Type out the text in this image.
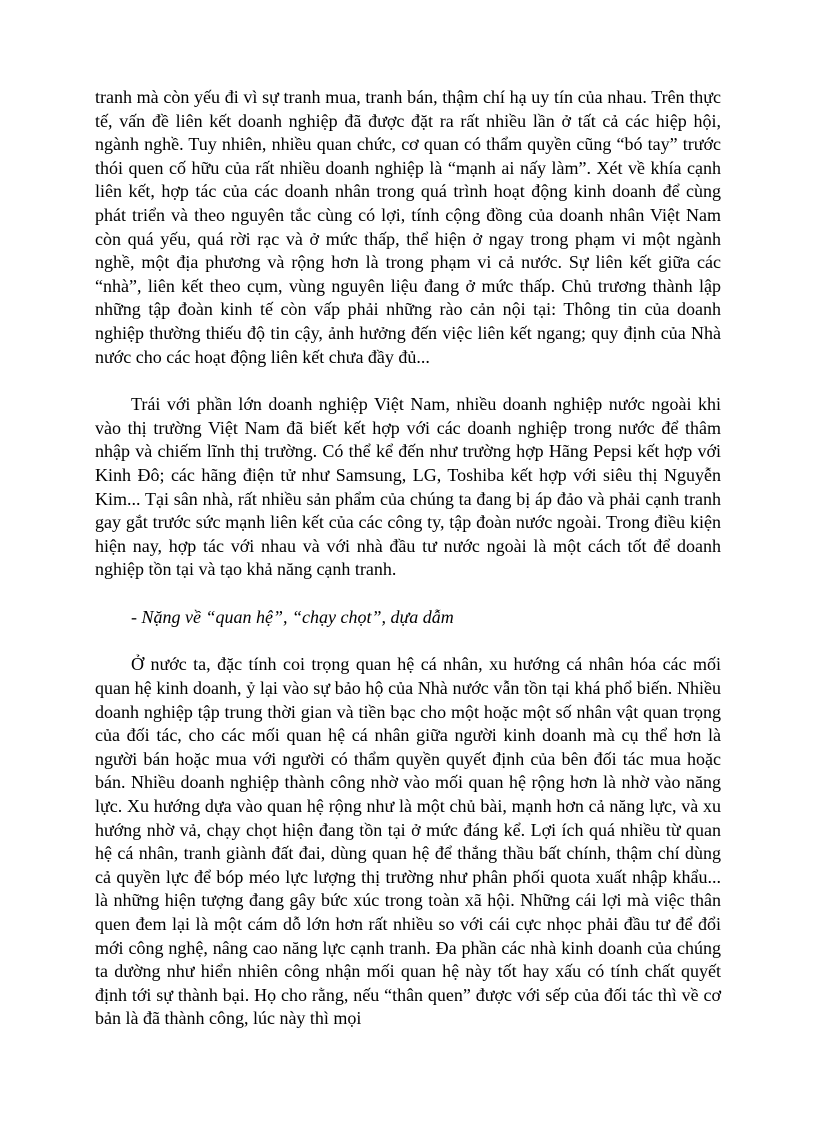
tranh mà còn yếu đi vì sự tranh mua, tranh bán, thậm chí hạ uy tín của nhau. Trên thực tế, vấn đề liên kết doanh nghiệp đã được đặt ra rất nhiều lần ở tất cả các hiệp hội, ngành nghề. Tuy nhiên, nhiều quan chức, cơ quan có thẩm quyền cũng “bó tay” trước thói quen cố hữu của rất nhiều doanh nghiệp là “mạnh ai nấy làm”. Xét về khía cạnh liên kết, hợp tác của các doanh nhân trong quá trình hoạt động kinh doanh để cùng phát triển và theo nguyên tắc cùng có lợi, tính cộng đồng của doanh nhân Việt Nam còn quá yếu, quá rời rạc và ở mức thấp, thể hiện ở ngay trong phạm vi một ngành nghề, một địa phương và rộng hơn là trong phạm vi cả nước. Sự liên kết giữa các “nhà”, liên kết theo cụm, vùng nguyên liệu đang ở mức thấp. Chủ trương thành lập những tập đoàn kinh tế còn vấp phải những rào cản nội tại: Thông tin của doanh nghiệp thường thiếu độ tin cậy, ảnh hưởng đến việc liên kết ngang; quy định của Nhà nước cho các hoạt động liên kết chưa đầy đủ...

Trái với phần lớn doanh nghiệp Việt Nam, nhiều doanh nghiệp nước ngoài khi vào thị trường Việt Nam đã biết kết hợp với các doanh nghiệp trong nước để thâm nhập và chiếm lĩnh thị trường. Có thể kể đến như trường hợp Hãng Pepsi kết hợp với Kinh Đô; các hãng điện tử như Samsung, LG, Toshiba kết hợp với siêu thị Nguyễn Kim... Tại sân nhà, rất nhiều sản phẩm của chúng ta đang bị áp đảo và phải cạnh tranh gay gắt trước sức mạnh liên kết của các công ty, tập đoàn nước ngoài. Trong điều kiện hiện nay, hợp tác với nhau và với nhà đầu tư nước ngoài là một cách tốt để doanh nghiệp tồn tại và tạo khả năng cạnh tranh.

- Nặng về “quan hệ”, “chạy chọt”, dựa dẫm

Ở nước ta, đặc tính coi trọng quan hệ cá nhân, xu hướng cá nhân hóa các mối quan hệ kinh doanh, ỷ lại vào sự bảo hộ của Nhà nước vẫn tồn tại khá phổ biến. Nhiều doanh nghiệp tập trung thời gian và tiền bạc cho một hoặc một số nhân vật quan trọng của đối tác, cho các mối quan hệ cá nhân giữa người kinh doanh mà cụ thể hơn là người bán hoặc mua với người có thẩm quyền quyết định của bên đối tác mua hoặc bán. Nhiều doanh nghiệp thành công nhờ vào mối quan hệ rộng hơn là nhờ vào năng lực. Xu hướng dựa vào quan hệ rộng như là một chủ bài, mạnh hơn cả năng lực, và xu hướng nhờ vả, chạy chọt hiện đang tồn tại ở mức đáng kể. Lợi ích quá nhiều từ quan hệ cá nhân, tranh giành đất đai, dùng quan hệ để thắng thầu bất chính, thậm chí dùng cả quyền lực để bóp méo lực lượng thị trường như phân phối quota xuất nhập khẩu... là những hiện tượng đang gây bức xúc trong toàn xã hội. Những cái lợi mà việc thân quen đem lại là một cám dỗ lớn hơn rất nhiều so với cái cực nhọc phải đầu tư để đổi mới công nghệ, nâng cao năng lực cạnh tranh. Đa phần các nhà kinh doanh của chúng ta dường như hiển nhiên công nhận mối quan hệ này tốt hay xấu có tính chất quyết định tới sự thành bại. Họ cho rằng, nếu “thân quen” được với sếp của đối tác thì về cơ bản là đã thành công, lúc này thì mọi
